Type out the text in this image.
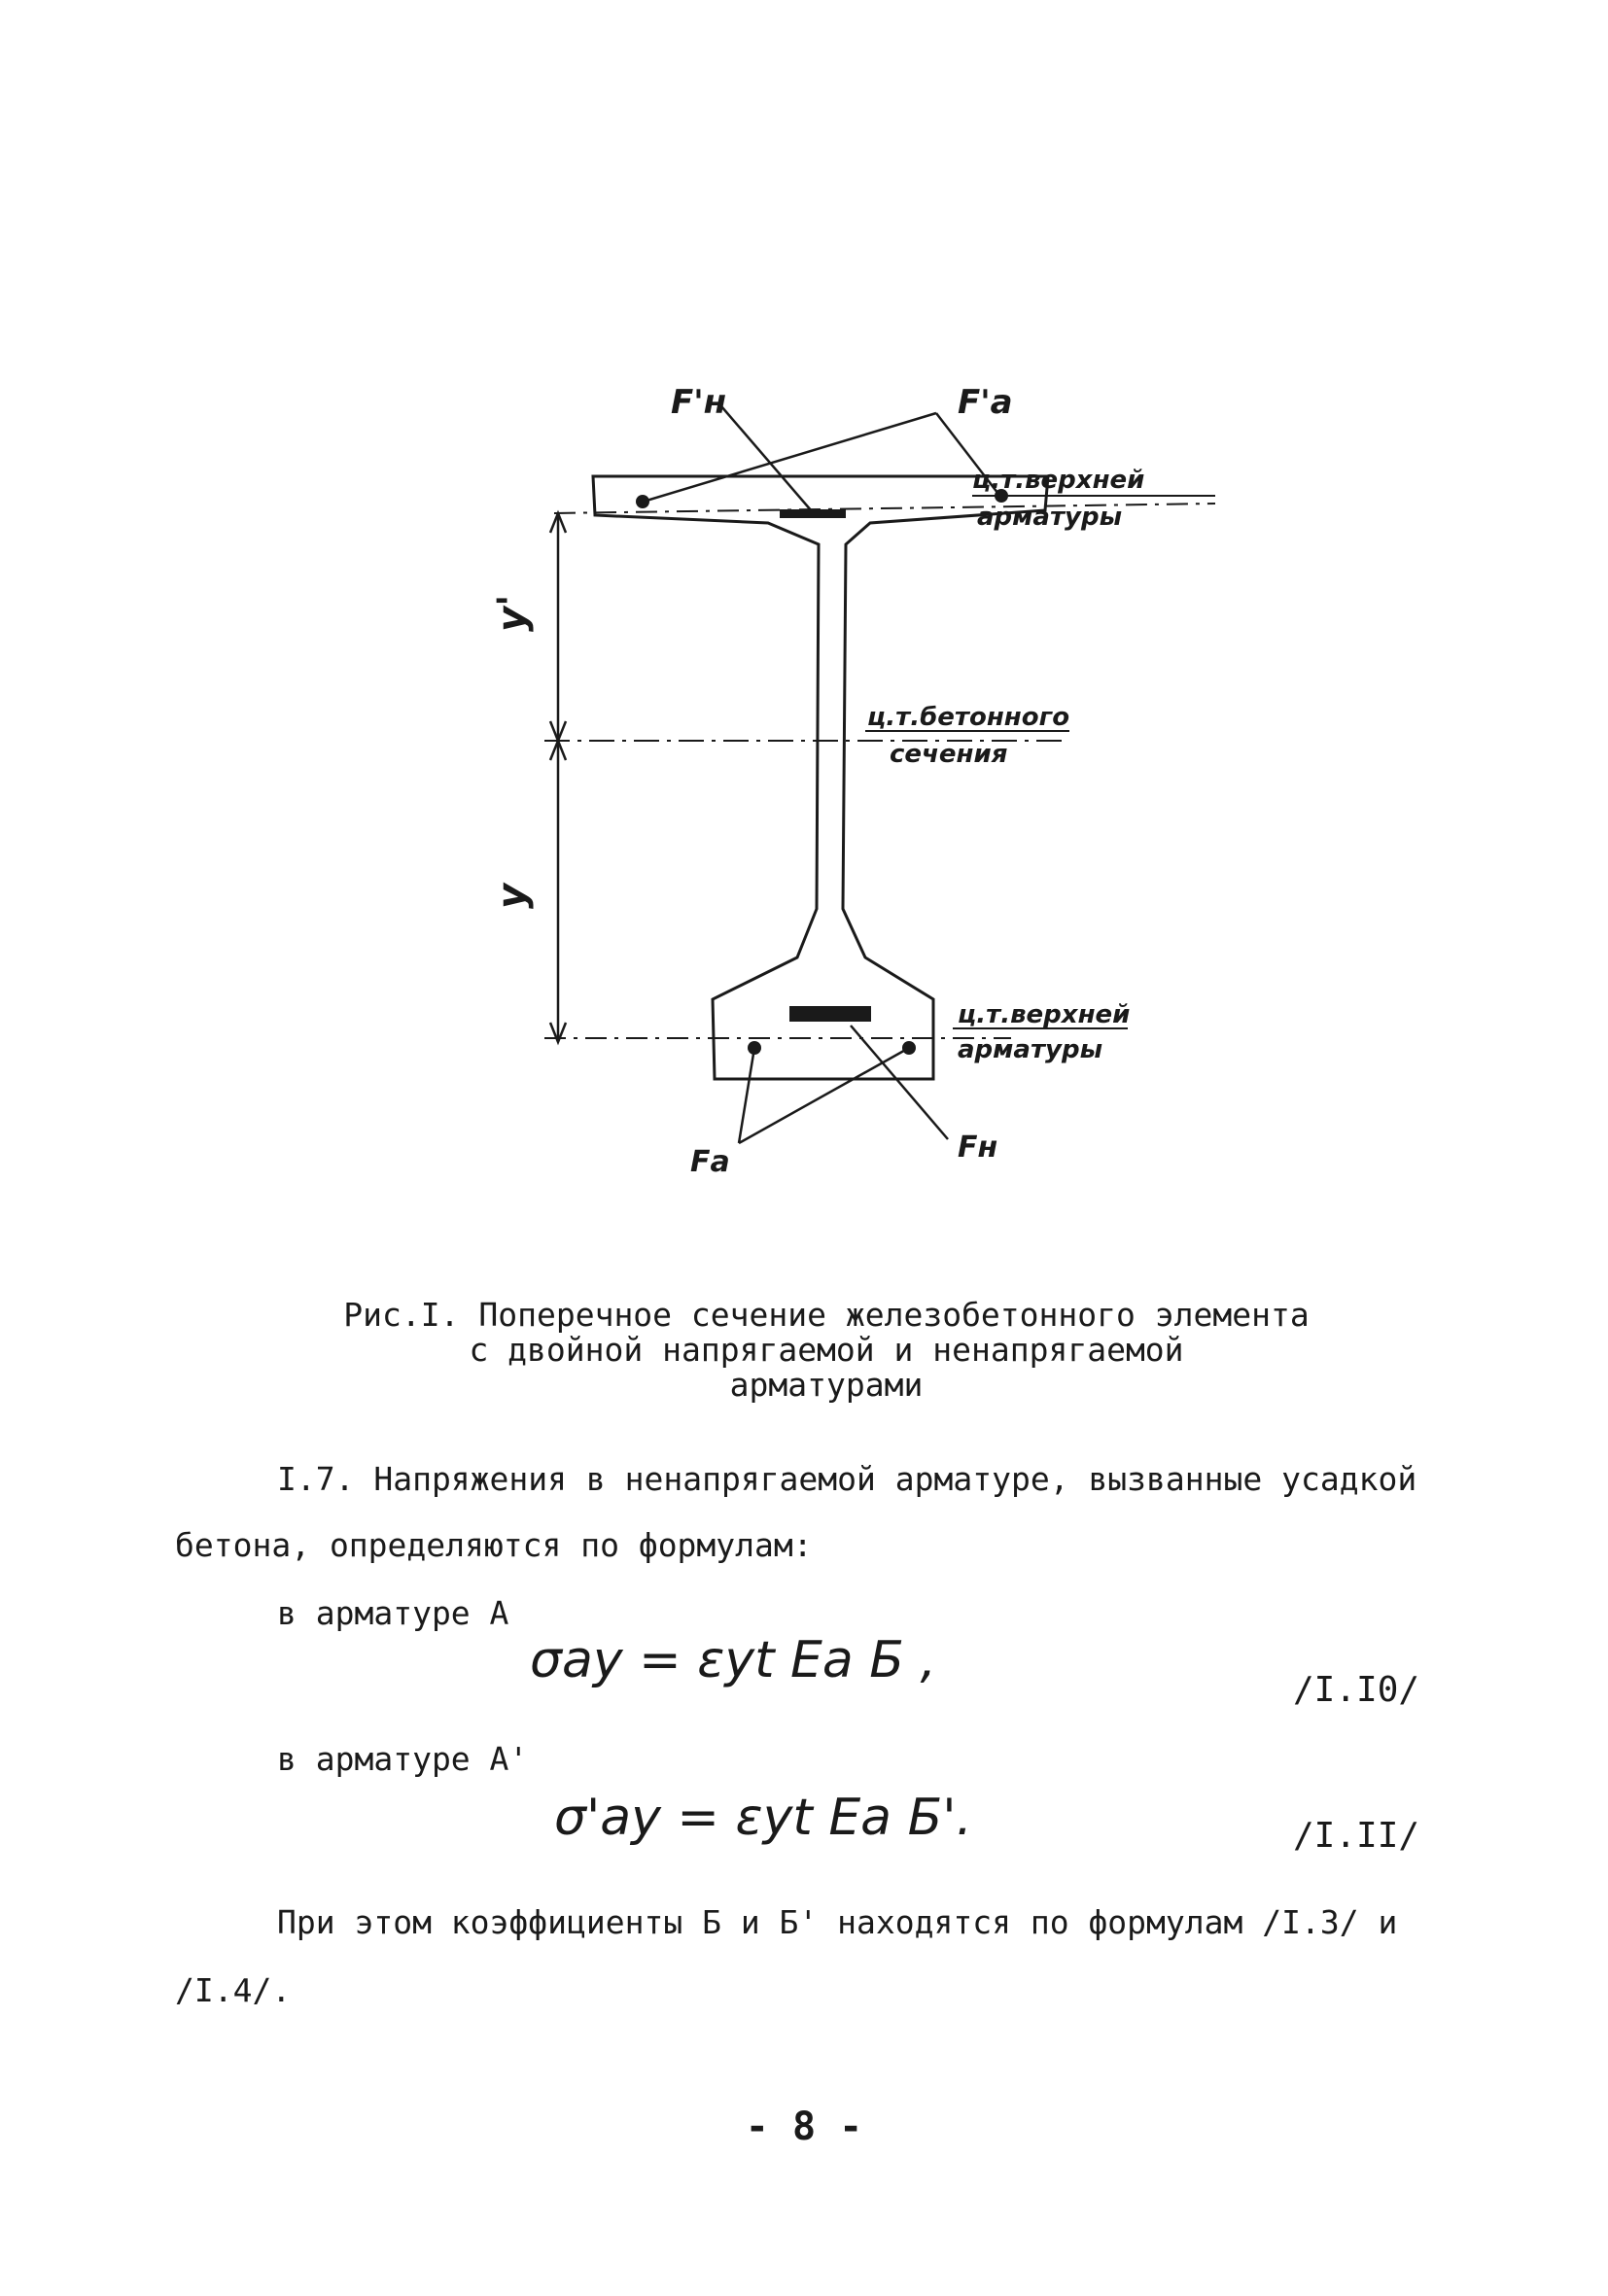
F'н	F'а
ц.т.верхней
арматуры
y'
y
ц.т.бетонного
сечения
ц.т.верхней
арматуры
Fа	Fн
Рис.I. Поперечное сечение железобетонного элемента
с двойной напрягаемой и ненапрягаемой
арматурами
I.7. Напряжения в ненапрягаемой арматуре, вызванные усадкой
бетона, определяются по формулам:
в арматуре А
σау = εyt Eа Б ,
/I.I0/
в арматуре А'
σ'ау = εyt Eа Б'.	/I.II/
При этом коэффициенты Б и Б' находятся по формулам /I.3/ и
/I.4/.
- 8 -
